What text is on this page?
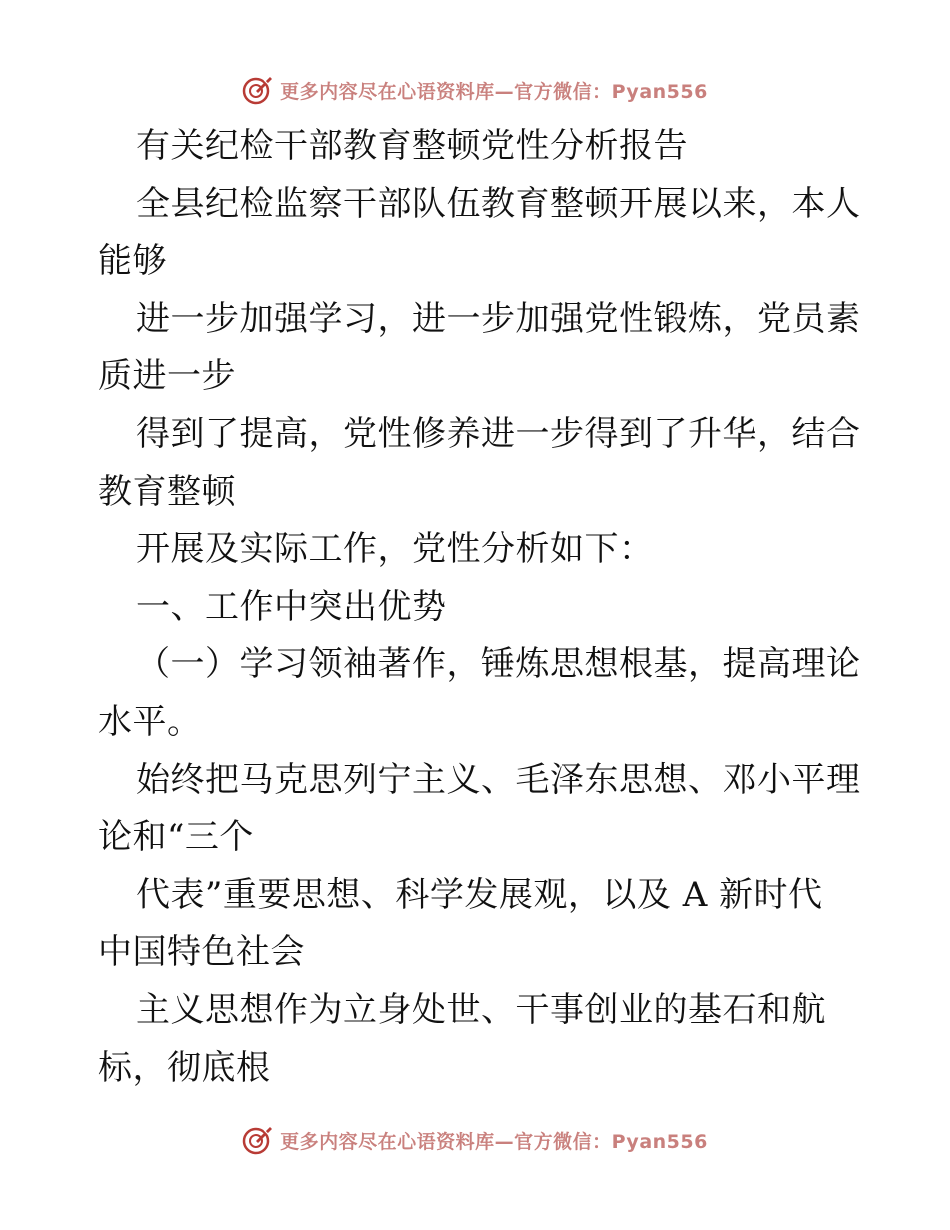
更多内容尽在心语资料库—官方微信：Pyan556
有关纪检干部教育整顿党性分析报告
全县纪检监察干部队伍教育整顿开展以来，本人
能够
进一步加强学习，进一步加强党性锻炼，党员素
质进一步
得到了提高，党性修养进一步得到了升华，结合
教育整顿
开展及实际工作，党性分析如下：
一、工作中突出优势
（一）学习领袖著作，锤炼思想根基，提高理论
水平。
始终把马克思列宁主义、毛泽东思想、邓小平理
论和“三个
代表”重要思想、科学发展观，以及 A 新时代
中国特色社会
主义思想作为立身处世、干事创业的基石和航
标，彻底根
更多内容尽在心语资料库—官方微信：Pyan556
